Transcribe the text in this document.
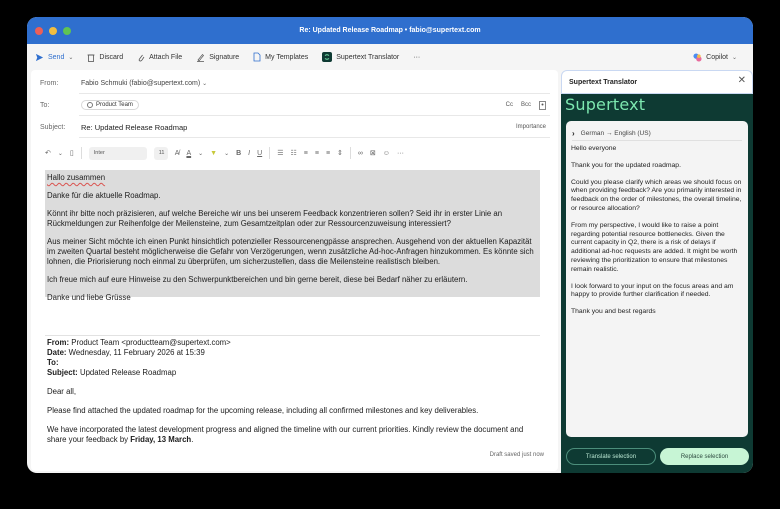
Re: Updated Release Roadmap • fabio@supertext.com
Send ⌄	Discard	Attach File	Signature	My Templates	Supertext Translator ···	Copilot ⌄
From:	Fabio Schmuki (fabio@supertext.com) ⌄
To:	Product Team	Cc Bcc
Subject: Re: Updated Release Roadmap	Importance
↶ ⌄ ▯	Inter	11	A̸ A ⌄ ▼ ⌄ B I U ☰ ☷ ≡ ≡ ≡ ⇕ ∞ ⊠ ☺ ···

Hallo zusammen

Danke für die aktuelle Roadmap.

Könnt ihr bitte noch präzisieren, auf welche Bereiche wir uns bei unserem Feedback konzentrieren sollen? Seid ihr in erster Linie an Rückmeldungen zur Reihenfolge der Meilensteine, zum Gesamtzeitplan oder zur Ressourcenzuweisung interessiert?

Aus meiner Sicht möchte ich einen Punkt hinsichtlich potenzieller Ressourcenengpässe ansprechen. Ausgehend von der aktuellen Kapazität im zweiten Quartal besteht möglicherweise die Gefahr von Verzögerungen, wenn zusätzliche Ad-hoc-Anfragen hinzukommen. Es könnte sich lohnen, die Priorisierung noch einmal zu überprüfen, um sicherzustellen, dass die Meilensteine realistisch bleiben.

Ich freue mich auf eure Hinweise zu den Schwerpunktbereichen und bin gerne bereit, diese bei Bedarf näher zu erläutern.

Danke und liebe Grüsse

From: Product Team <productteam@supertext.com>
Date: Wednesday, 11 February 2026 at 15:39
To:
Subject: Updated Release Roadmap

Dear all,

Please find attached the updated roadmap for the upcoming release, including all confirmed milestones and key deliverables.

We have incorporated the latest development progress and aligned the timeline with our current priorities. Kindly review the document and share your feedback by Friday, 13 March.

Draft saved just now
Supertext Translator	✕
Supertext
› German → English (US)

Hello everyone

Thank you for the updated roadmap.

Could you please clarify which areas we should focus on when providing feedback? Are you primarily interested in feedback on the order of milestones, the overall timeline, or resource allocation?

From my perspective, I would like to raise a point regarding potential resource bottlenecks. Given the current capacity in Q2, there is a risk of delays if additional ad-hoc requests are added. It might be worth reviewing the prioritization to ensure that milestones remain realistic.

I look forward to your input on the focus areas and am happy to provide further clarification if needed.

Thank you and best regards

Translate selection	Replace selection
